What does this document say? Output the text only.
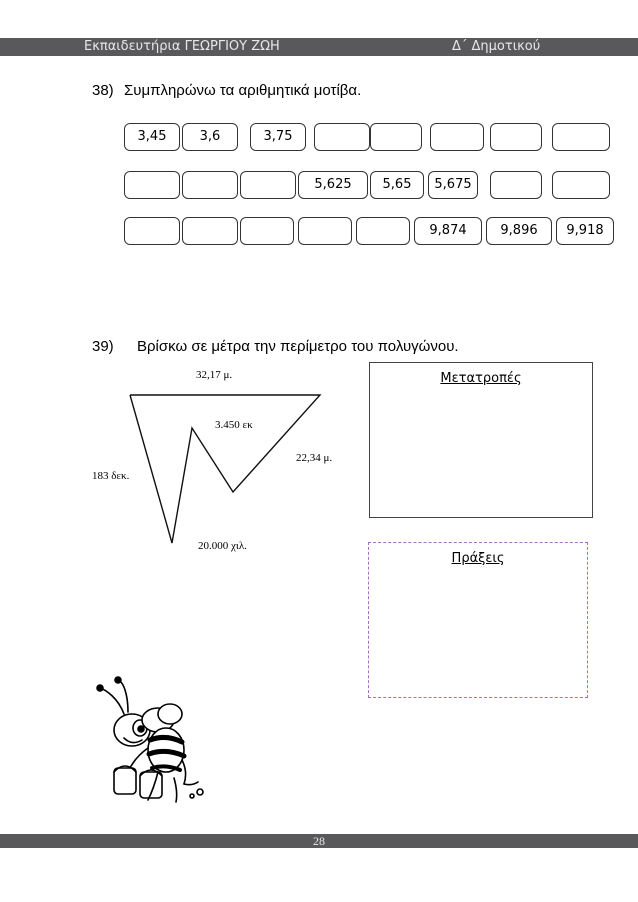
Εκπαιδευτήρια ΓΕΩΡΓΙΟΥ ΖΩΗ	Δ΄ Δημοτικού
38) Συμπληρώνω τα αριθμητικά μοτίβα.
3,45	3,6	3,75
5,625	5,65	5,675
9,874	9,896	9,918
39) Βρίσκω σε μέτρα την περίμετρο του πολυγώνου.
32,17 μ.
3.450 εκ
22,34 μ.
183 δεκ.
20.000 χιλ.
Μετατροπές
Πράξεις
28
